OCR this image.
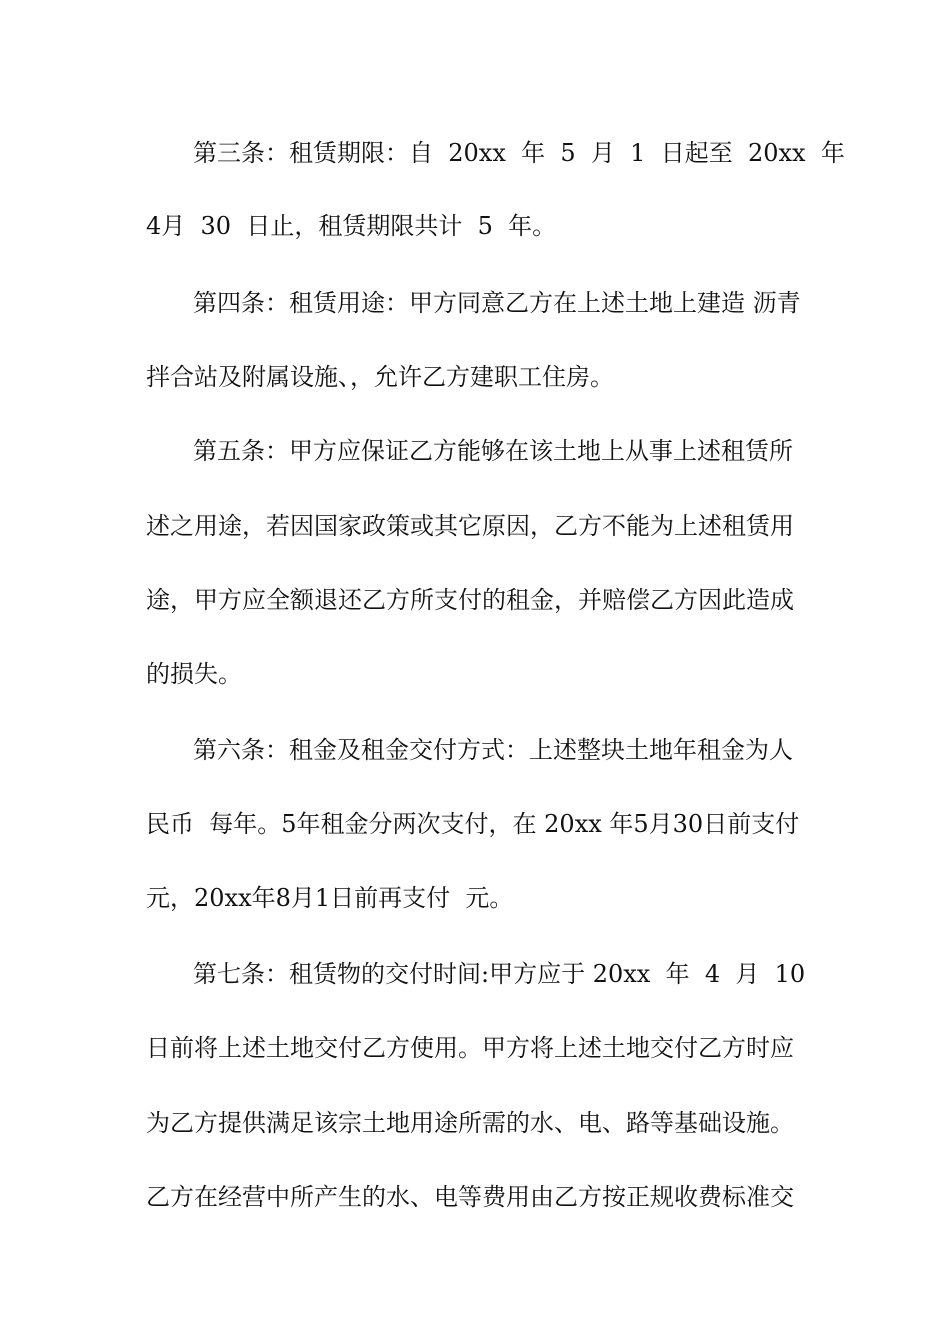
第三条：租赁期限：自  20xx  年  5  月  1  日起至  20xx  年
4月  30  日止，租赁期限共计  5  年。
第四条：租赁用途：甲方同意乙方在上述土地上建造 沥青
拌合站及附属设施、，允许乙方建职工住房。
第五条：甲方应保证乙方能够在该土地上从事上述租赁所
述之用途，若因国家政策或其它原因，乙方不能为上述租赁用
途，甲方应全额退还乙方所支付的租金，并赔偿乙方因此造成
的损失。
第六条：租金及租金交付方式：上述整块土地年租金为人
民币  每年。5年租金分两次支付，在 20xx 年5月30日前支付
元，20xx年8月1日前再支付  元。
第七条：租赁物的交付时间:甲方应于 20xx  年  4  月  10
日前将上述土地交付乙方使用。甲方将上述土地交付乙方时应
为乙方提供满足该宗土地用途所需的水、电、路等基础设施。
乙方在经营中所产生的水、电等费用由乙方按正规收费标准交
